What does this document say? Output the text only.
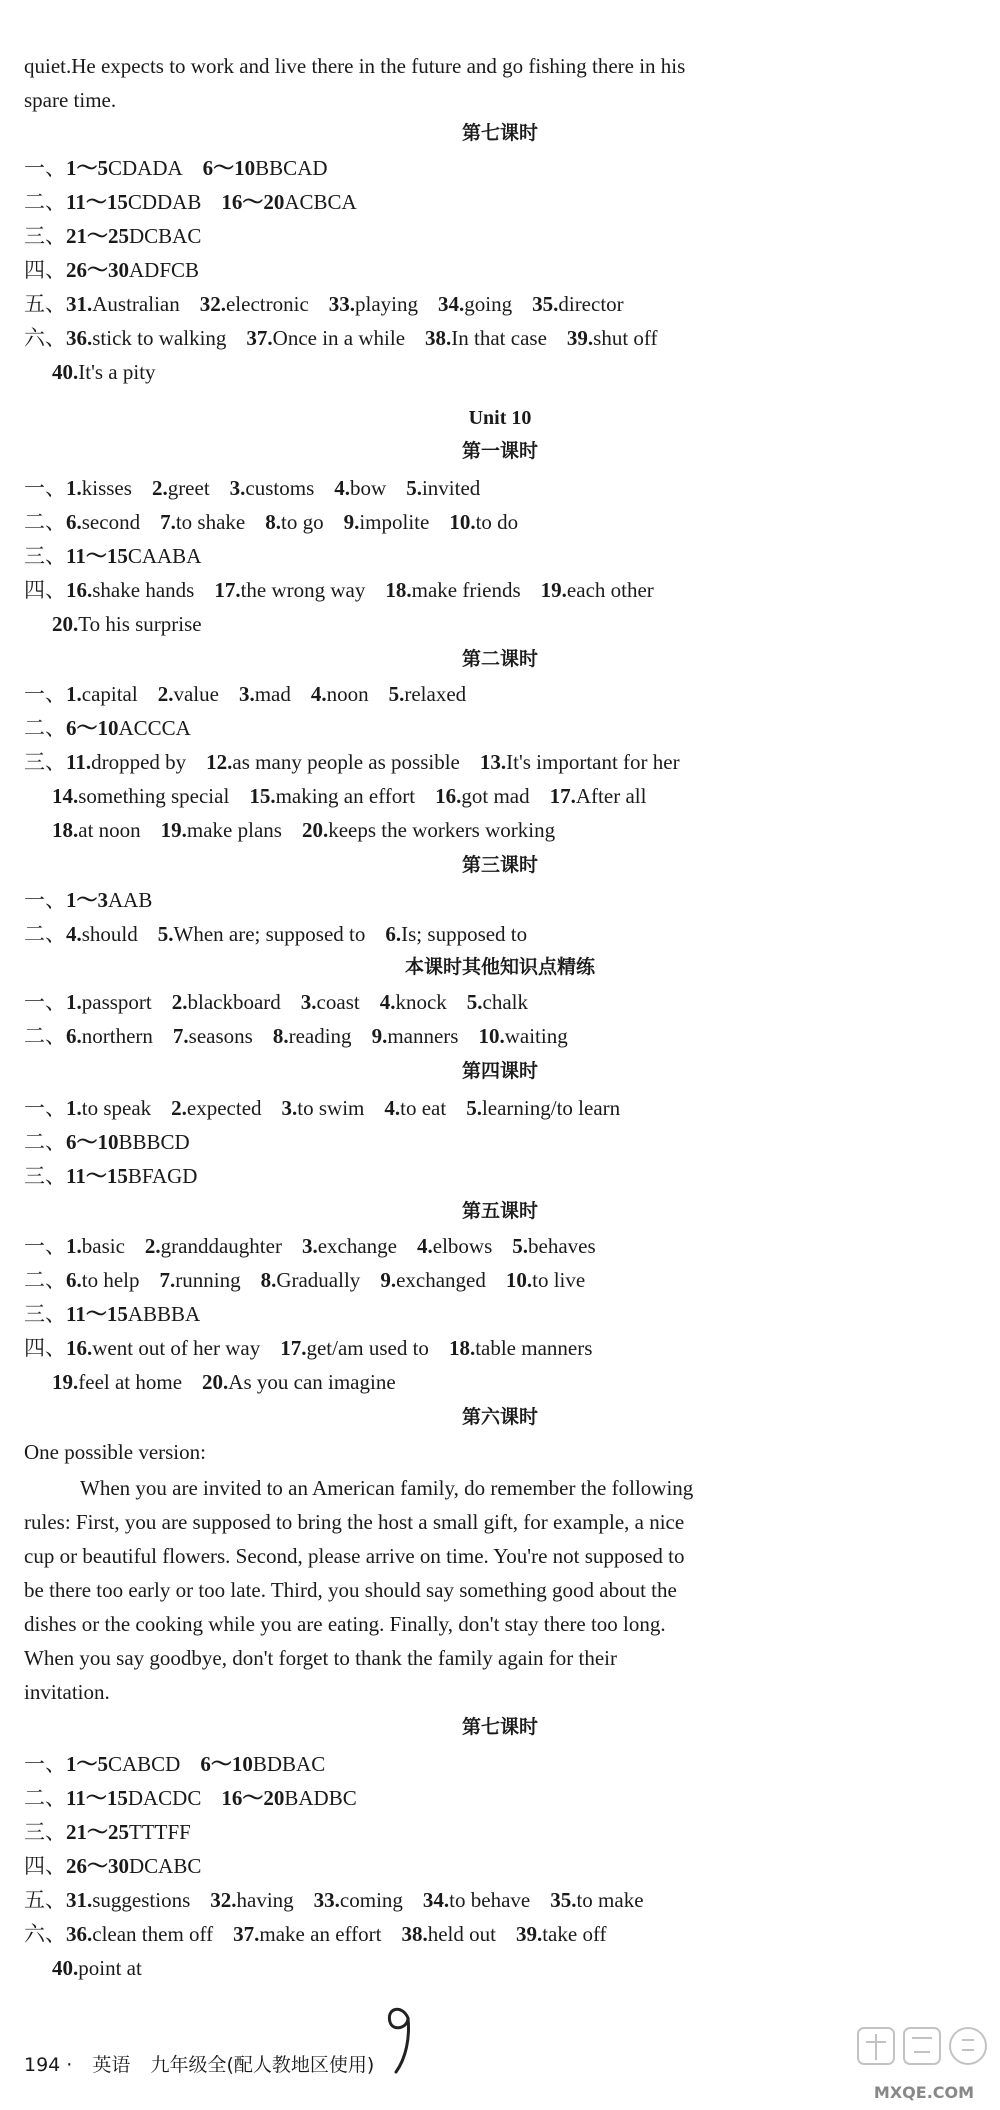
quiet.He expects to work and live there in the future and go fishing there in his
spare time.
第七课时
一、1～5CDADA 6～10BBCAD
二、11～15CDDAB 16～20ACBCA
三、21～25DCBAC
四、26～30ADFCB
五、31.Australian 32.electronic 33.playing 34.going 35.director
六、36.stick to walking 37.Once in a while 38.In that case 39.shut off
40.It's a pity
Unit 10
第一课时
一、1.kisses 2.greet 3.customs 4.bow 5.invited
二、6.second 7.to shake 8.to go 9.impolite 10.to do
三、11～15CAABA
四、16.shake hands 17.the wrong way 18.make friends 19.each other
20.To his surprise
第二课时
一、1.capital 2.value 3.mad 4.noon 5.relaxed
二、6～10ACCCA
三、11.dropped by 12.as many people as possible 13.It's important for her
14.something special 15.making an effort 16.got mad 17.After all
18.at noon 19.make plans 20.keeps the workers working
第三课时
一、1～3AAB
二、4.should 5.When are; supposed to 6.Is; supposed to
本课时其他知识点精练
一、1.passport 2.blackboard 3.coast 4.knock 5.chalk
二、6.northern 7.seasons 8.reading 9.manners 10.waiting
第四课时
一、1.to speak 2.expected 3.to swim 4.to eat 5.learning/to learn
二、6～10BBBCD
三、11～15BFAGD
第五课时
一、1.basic 2.granddaughter 3.exchange 4.elbows 5.behaves
二、6.to help 7.running 8.Gradually 9.exchanged 10.to live
三、11～15ABBBA
四、16.went out of her way 17.get/am used to 18.table manners
19.feel at home 20.As you can imagine
第六课时
One possible version:
When you are invited to an American family, do remember the following
rules: First, you are supposed to bring the host a small gift, for example, a nice
cup or beautiful flowers. Second, please arrive on time. You're not supposed to
be there too early or too late. Third, you should say something good about the
dishes or the cooking while you are eating. Finally, don't stay there too long.
When you say goodbye, don't forget to thank the family again for their
invitation.
第七课时
一、1～5CABCD 6～10BDBAC
二、11～15DACDC 16～20BADBC
三、21～25TTTFF
四、26～30DCABC
五、31.suggestions 32.having 33.coming 34.to behave 35.to make
六、36.clean them off 37.make an effort 38.held out 39.take off
40.point at
194 · 英语 九年级全(配人教地区使用)
MXQE.COM
